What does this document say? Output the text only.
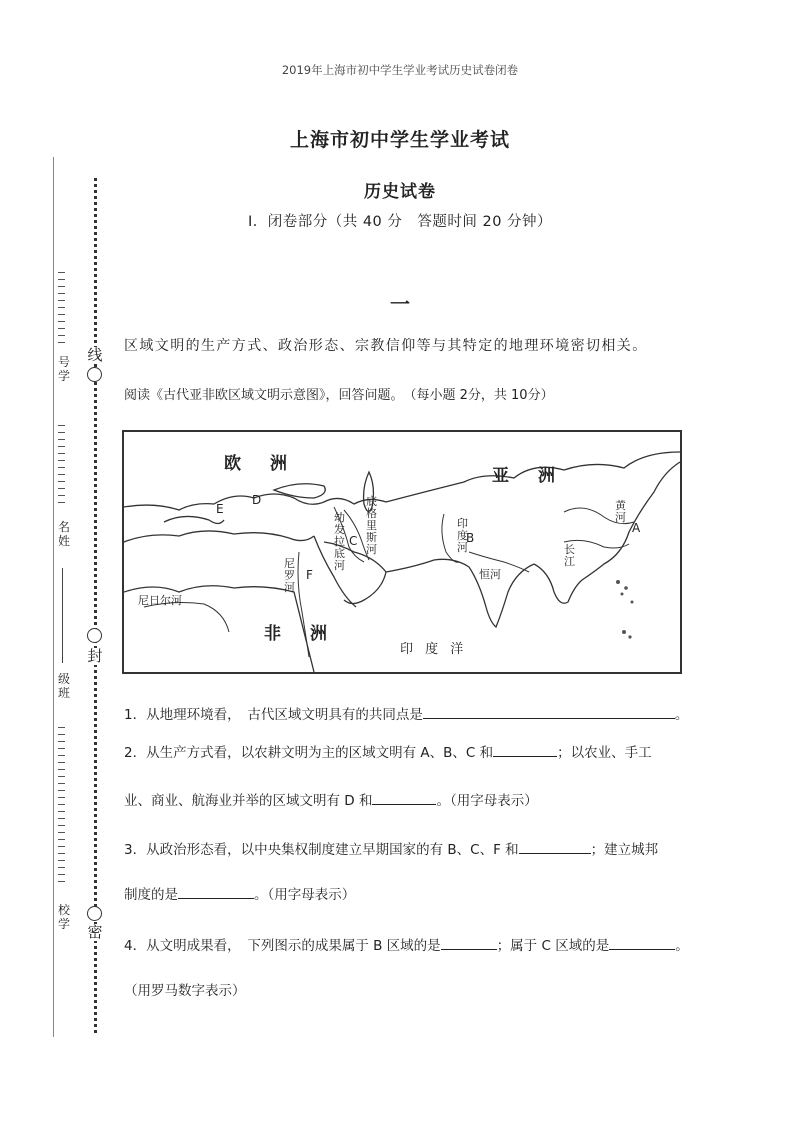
2019年上海市初中学生学业考试历史试卷闭卷
上海市初中学生学业考试
历史试卷
I．闭卷部分（共 40 分　答题时间 20 分钟）
一
区域文明的生产方式、政治形态、宗教信仰等与其特定的地理环境密切相关。
阅读《古代亚非欧区域文明示意图》，回答问题。　（每小题 2分，共 10分）
号学
名姓
级班
校学
线
封
密
欧　洲
亚　洲
非　洲
印 度 洋
A
B
C
D
E
F
底格里斯河
幼发拉底河
印度河
恒河
黄河
长江
尼罗河
尼日尔河
1．从地理环境看，　古代区域文明具有的共同点是	。
2．从生产方式看，以农耕文明为主的区域文明有 A、B、C 和	；以农业、手工
业、商业、航海业并举的区域文明有 D 和	。（用字母表示）
3．从政治形态看，以中央集权制度建立早期国家的有 B、C、F 和	；建立城邦
制度的是	。（用字母表示）
4．从文明成果看，　下列图示的成果属于 B 区域的是	；属于 C 区域的是	。
（用罗马数字表示）
